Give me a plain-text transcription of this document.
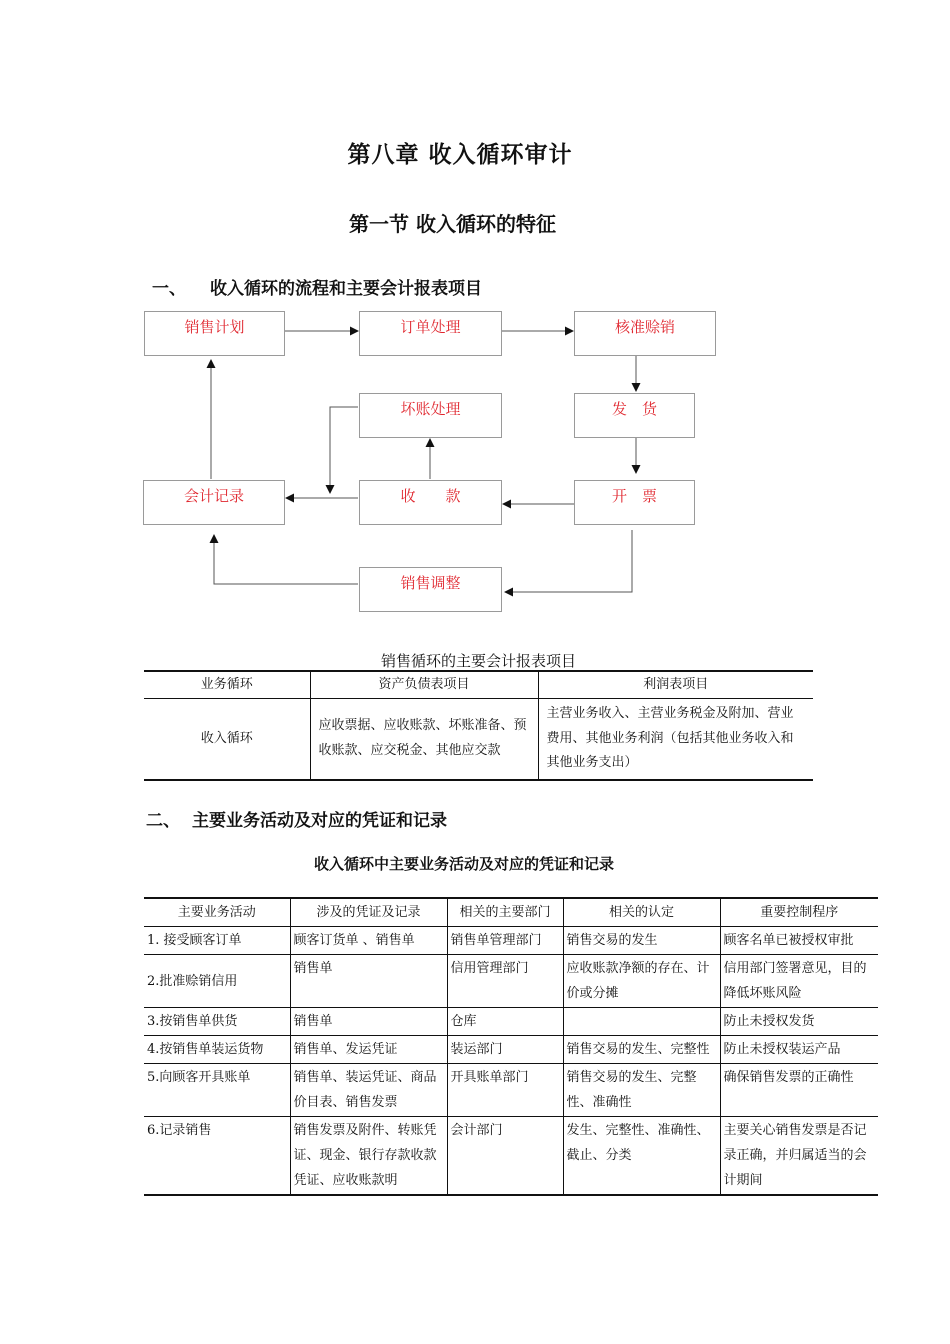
第八章 收入循环审计
第一节 收入循环的特征
一、 收入循环的流程和主要会计报表项目
销售计划	订单处理	核准赊销
坏账处理	发　货
会计记录	收　　款	开　票
销售调整
销售循环的主要会计报表项目
业务循环	资产负债表项目	利润表项目
收入循环	应收票据、应收账款、坏账准备、预收账款、应交税金、其他应交款	主营业务收入、主营业务税金及附加、营业费用、其他业务利润（包括其他业务收入和其他业务支出）
二、 主要业务活动及对应的凭证和记录
收入循环中主要业务活动及对应的凭证和记录
主要业务活动	涉及的凭证及记录	相关的主要部门	相关的认定	重要控制程序
1. 接受顾客订单	顾客订货单 、销售单	销售单管理部门	销售交易的发生	顾客名单已被授权审批
2.批准赊销信用	销售单	信用管理部门	应收账款净额的存在、计价或分摊	信用部门签署意见，目的降低坏账风险
3.按销售单供货	销售单	仓库		防止未授权发货
4.按销售单装运货物	销售单、发运凭证	装运部门	销售交易的发生、完整性	防止未授权装运产品
5.向顾客开具账单	销售单、装运凭证、商品价目表、销售发票	开具账单部门	销售交易的发生、完整性、准确性	确保销售发票的正确性
6.记录销售	销售发票及附件、转账凭证、现金、银行存款收款凭证、应收账款明	会计部门	发生、完整性、准确性、截止、分类	主要关心销售发票是否记录正确，并归属适当的会计期间
